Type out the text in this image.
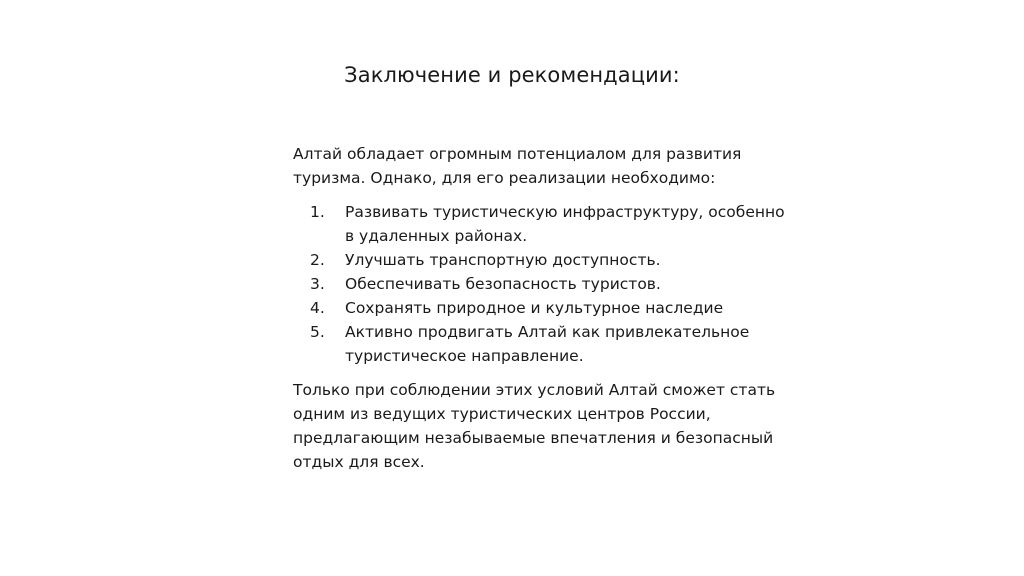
Заключение и рекомендации:

Алтай обладает огромным потенциалом для развития туризма. Однако, для его реализации необходимо:

1. Развивать туристическую инфраструктуру, особенно в удаленных районах.
2. Улучшать транспортную доступность.
3. Обеспечивать безопасность туристов.
4. Сохранять природное и культурное наследие
5. Активно продвигать Алтай как привлекательное туристическое направление.

Только при соблюдении этих условий Алтай сможет стать одним из ведущих туристических центров России, предлагающим незабываемые впечатления и безопасный отдых для всех.
